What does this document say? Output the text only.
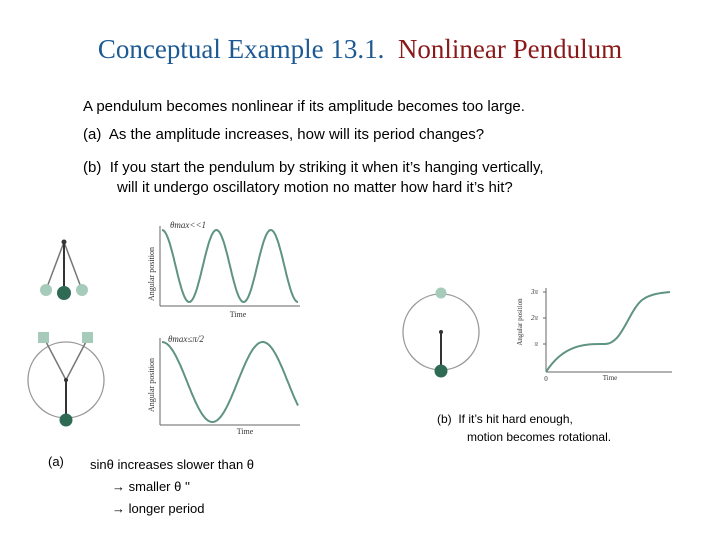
Conceptual Example 13.1. Nonlinear Pendulum
A pendulum becomes nonlinear if its amplitude becomes too large.
(a) As the amplitude increases, how will its period changes?
(b) If you start the pendulum by striking it when it’s hanging vertically,
will it undergo oscillatory motion no matter how hard it’s hit?
θmax<<1
Angular position
Time
θmax≤π/2
Angular position
Time
Angular position
3π
2π
π
0	Time
(b) If it’s hit hard enough,
motion becomes rotational.
(a) sinθ increases slower than θ
→ smaller θ ''
→ longer period
